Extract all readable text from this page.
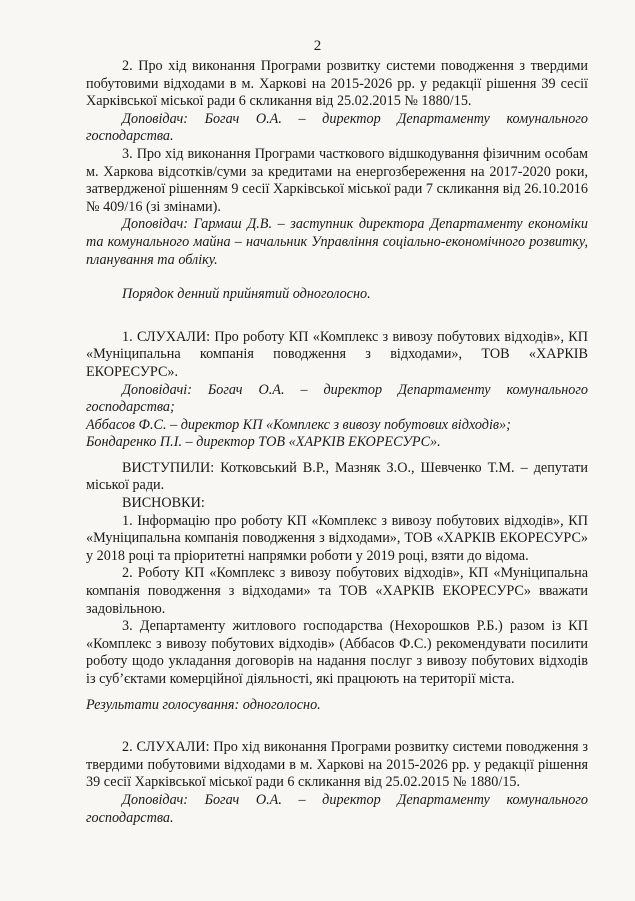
2

2. Про хід виконання Програми розвитку системи поводження з твердими побутовими відходами в м. Харкові на 2015-2026 рр. у редакції рішення 39 сесії Харківської міської ради 6 скликання від 25.02.2015 № 1880/15.

Доповідач: Богач О.А. – директор Департаменту комунального господарства.

3. Про хід виконання Програми часткового відшкодування фізичним особам м. Харкова відсотків/суми за кредитами на енергозбереження на 2017-2020 роки, затвердженої рішенням 9 сесії Харківської міської ради 7 скликання від 26.10.2016 № 409/16 (зі змінами).

Доповідач: Гармаш Д.В. – заступник директора Департаменту економіки та комунального майна – начальник Управління соціально-економічного розвитку, планування та обліку.

Порядок денний прийнятий одноголосно.

1. СЛУХАЛИ: Про роботу КП «Комплекс з вивозу побутових відходів», КП «Муніципальна компанія поводження з відходами», ТОВ «ХАРКІВ ЕКОРЕСУРС».

Доповідачі: Богач О.А. – директор Департаменту комунального господарства;

Аббасов Ф.С. – директор КП «Комплекс з вивозу побутових відходів»;

Бондаренко П.І. – директор ТОВ «ХАРКІВ ЕКОРЕСУРС».

ВИСТУПИЛИ: Котковський В.Р., Мазняк З.О., Шевченко Т.М. – депутати міської ради.

ВИСНОВКИ:

1. Інформацію про роботу КП «Комплекс з вивозу побутових відходів», КП «Муніципальна компанія поводження з відходами», ТОВ «ХАРКІВ ЕКОРЕСУРС» у 2018 році та пріоритетні напрямки роботи у 2019 році, взяти до відома.

2. Роботу КП «Комплекс з вивозу побутових відходів», КП «Муніципальна компанія поводження з відходами» та ТОВ «ХАРКІВ ЕКОРЕСУРС» вважати задовільною.

3. Департаменту житлового господарства (Нехорошков Р.Б.) разом із КП «Комплекс з вивозу побутових відходів» (Аббасов Ф.С.) рекомендувати посилити роботу щодо укладання договорів на надання послуг з вивозу побутових відходів із суб’єктами комерційної діяльності, які працюють на території міста.

Результати голосування: одноголосно.

2. СЛУХАЛИ: Про хід виконання Програми розвитку системи поводження з твердими побутовими відходами в м. Харкові на 2015-2026 рр. у редакції рішення 39 сесії Харківської міської ради 6 скликання від 25.02.2015 № 1880/15.

Доповідач: Богач О.А. – директор Департаменту комунального господарства.
